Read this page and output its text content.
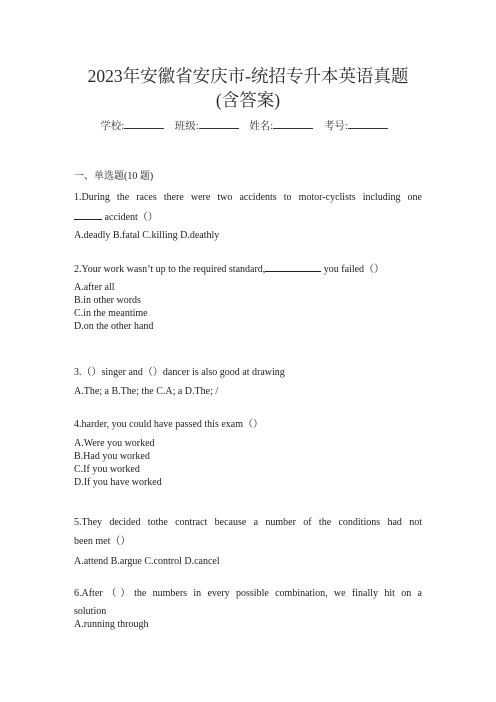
2023年安徽省安庆市-统招专升本英语真题
(含答案)
学校:	班级:	姓名:	考号:
一、单选题(10 题)
1.During the races there were two accidents to motor-cyclists including one
accident（）
A.deadly B.fatal C.killing D.deathly
2.Your work wasn’t up to the required standard,	you failed（）
A.after all
B.in other words
C.in the meantime
D.on the other hand
3.（）singer and（）dancer is also good at drawing
A.The; a B.The; the C.A; a D.The; /
4.harder, you could have passed this exam（）
A.Were you worked
B.Had you worked
C.If you worked
D.If you have worked
5.They decided tothe contract because a number of the conditions had not
been met（）
A.attend B.argue C.control D.cancel
6.After（）the numbers in every possible combination, we finally hit on a
solution
A.running through
